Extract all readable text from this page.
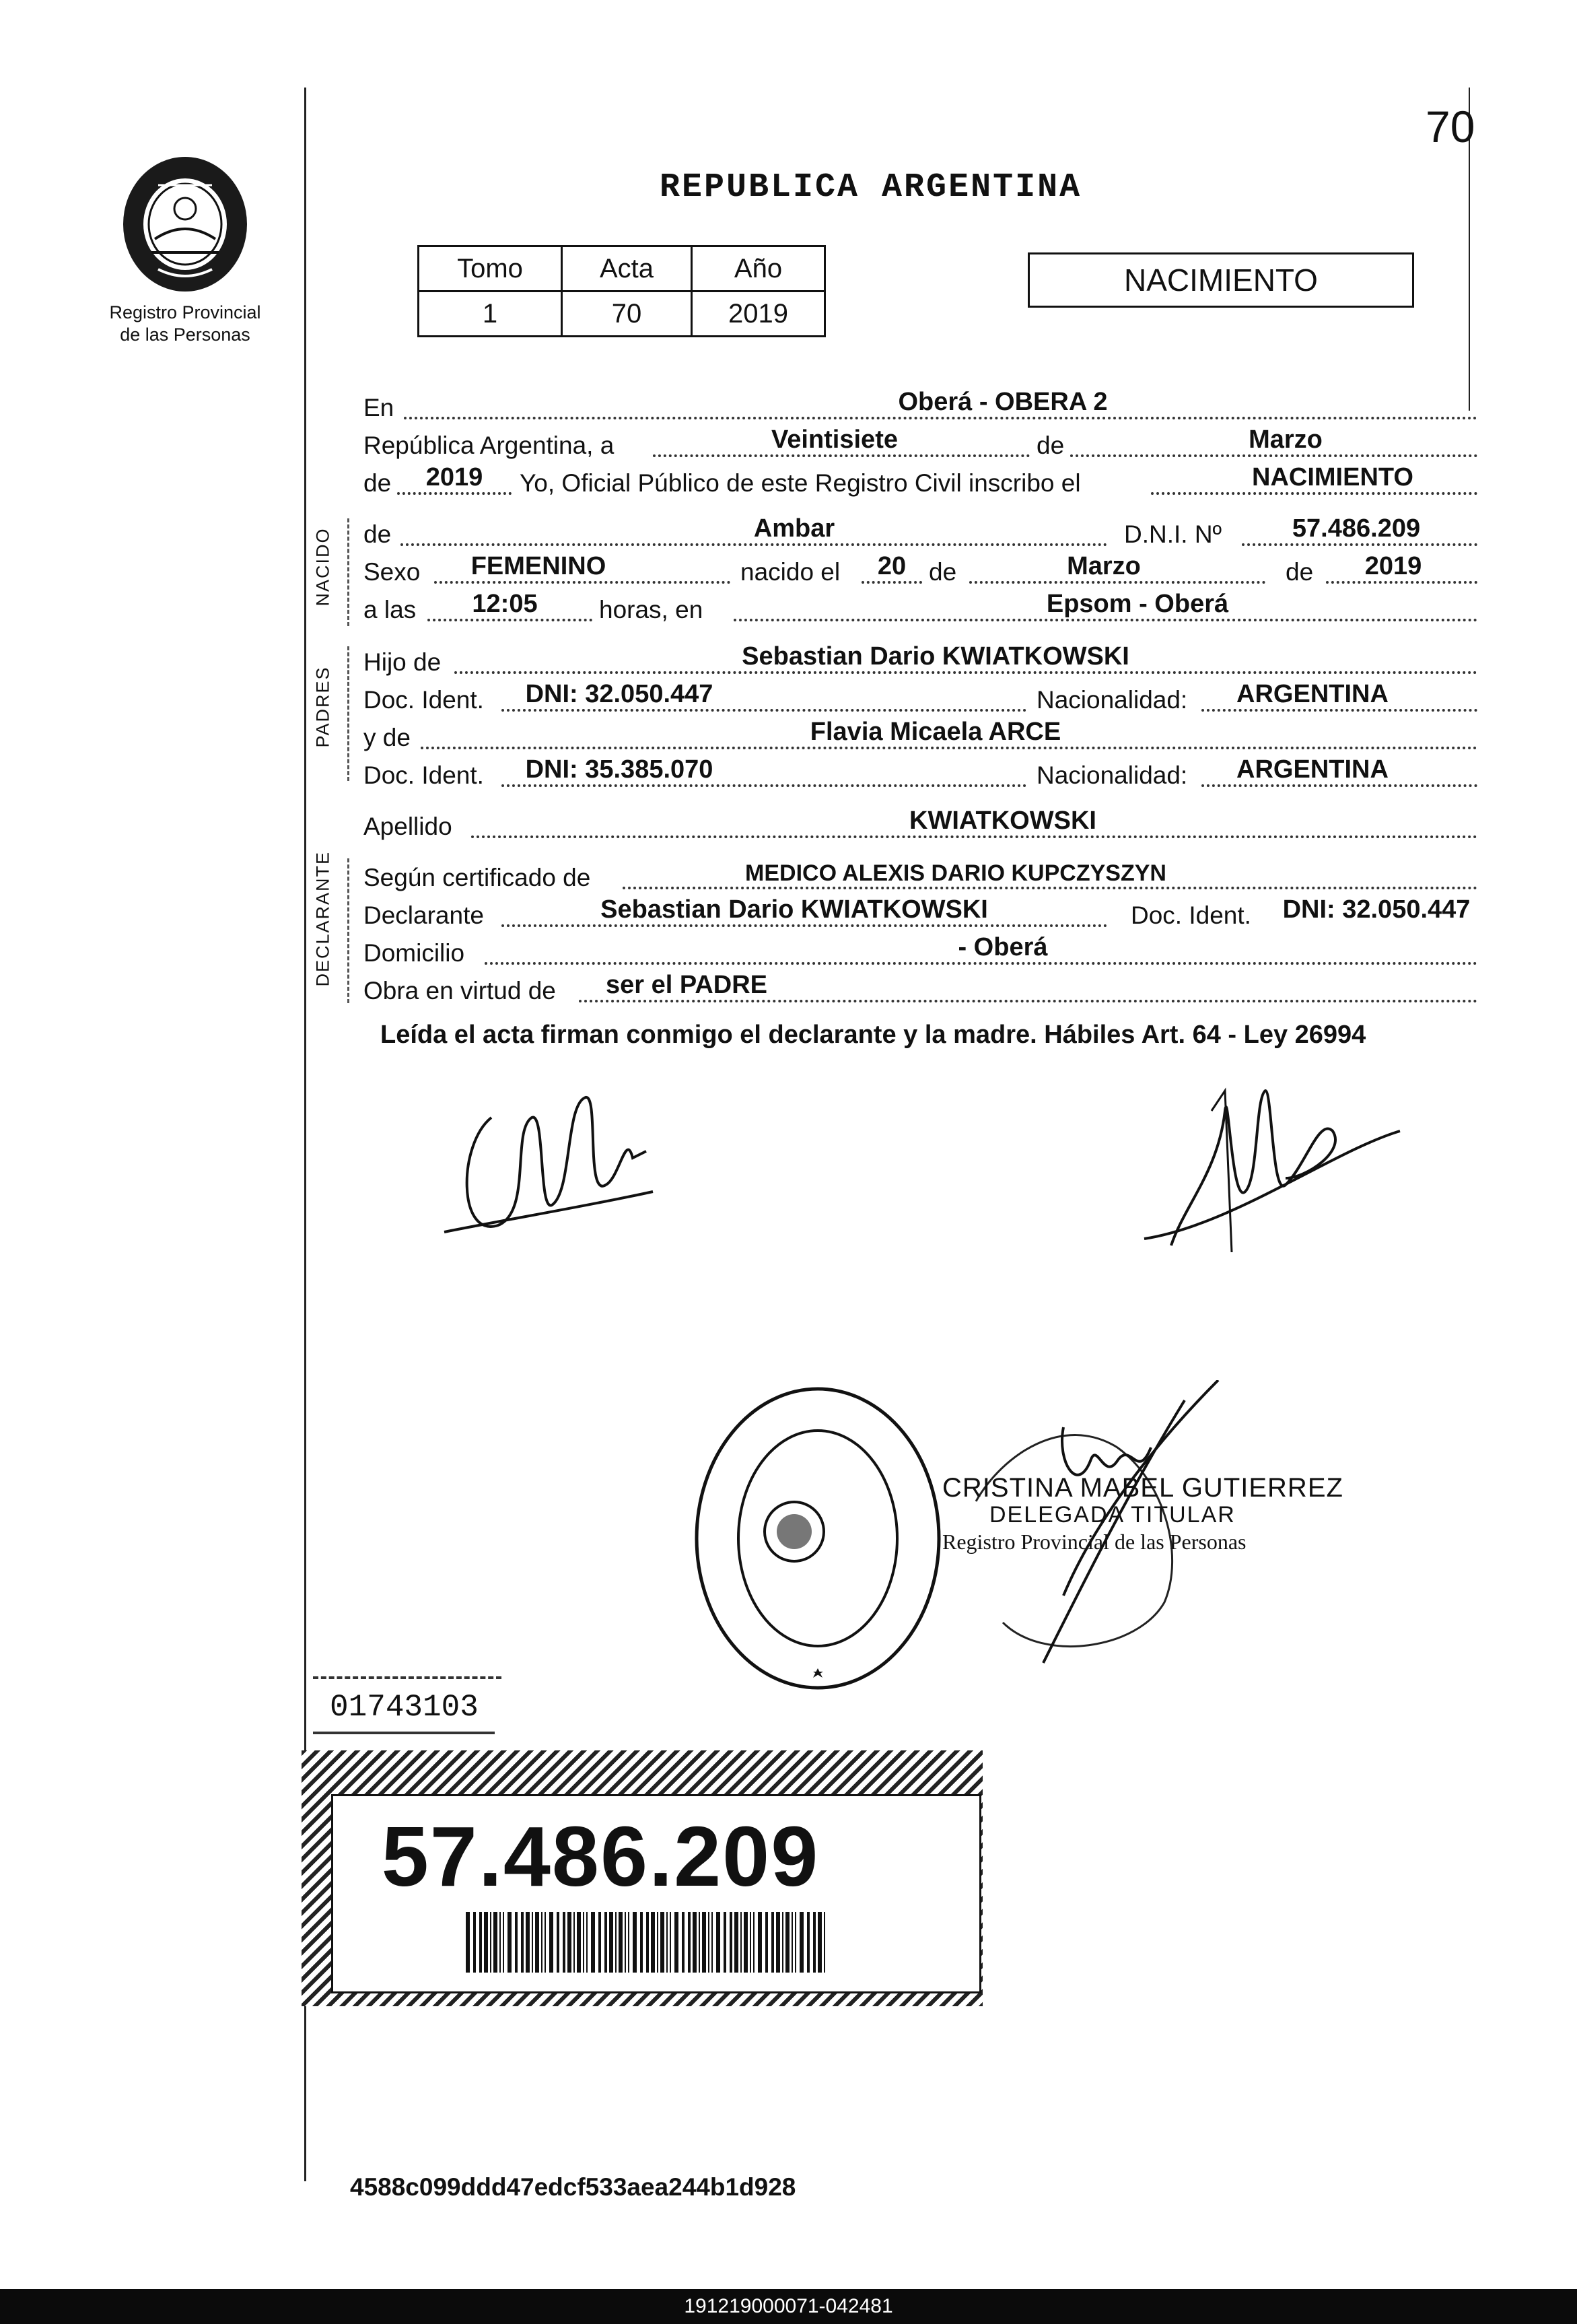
70
REPUBLICA ARGENTINA
Registro Provincial
de las Personas
Tomo	Acta	Año
1	70	2019
NACIMIENTO
En	Oberá - OBERA 2
República Argentina, a	Veintisiete	de	Marzo
de	2019	Yo, Oficial Público de este Registro Civil inscribo el	NACIMIENTO
NACIDO de	Ambar	D.N.I. Nº	57.486.209
Sexo	FEMENINO	nacido el	20 de	Marzo	de	2019
a las	12:05	horas, en	Epsom - Oberá
PADRES
Hijo de	Sebastian Dario KWIATKOWSKI
Doc. Ident.	DNI: 32.050.447	Nacionalidad:	ARGENTINA
y de	Flavia Micaela ARCE
Doc. Ident.	DNI: 35.385.070	Nacionalidad:	ARGENTINA
Apellido	KWIATKOWSKI
DECLARANTE Según certificado de	MEDICO ALEXIS DARIO KUPCZYSZYN
Declarante	Sebastian Dario KWIATKOWSKI	Doc. Ident. DNI: 32.050.447
Domicilio	- Oberá
Obra en virtud de	ser el PADRE
Leída el acta firman conmigo el declarante y la madre. Hábiles Art. 64 - Ley 26994
CRISTINA MABEL GUTIERREZ
DELEGADA TITULAR
Registro Provincial de las Personas
01743103
57.486.209
4588c099ddd47edcf533aea244b1d928
191219000071-042481
